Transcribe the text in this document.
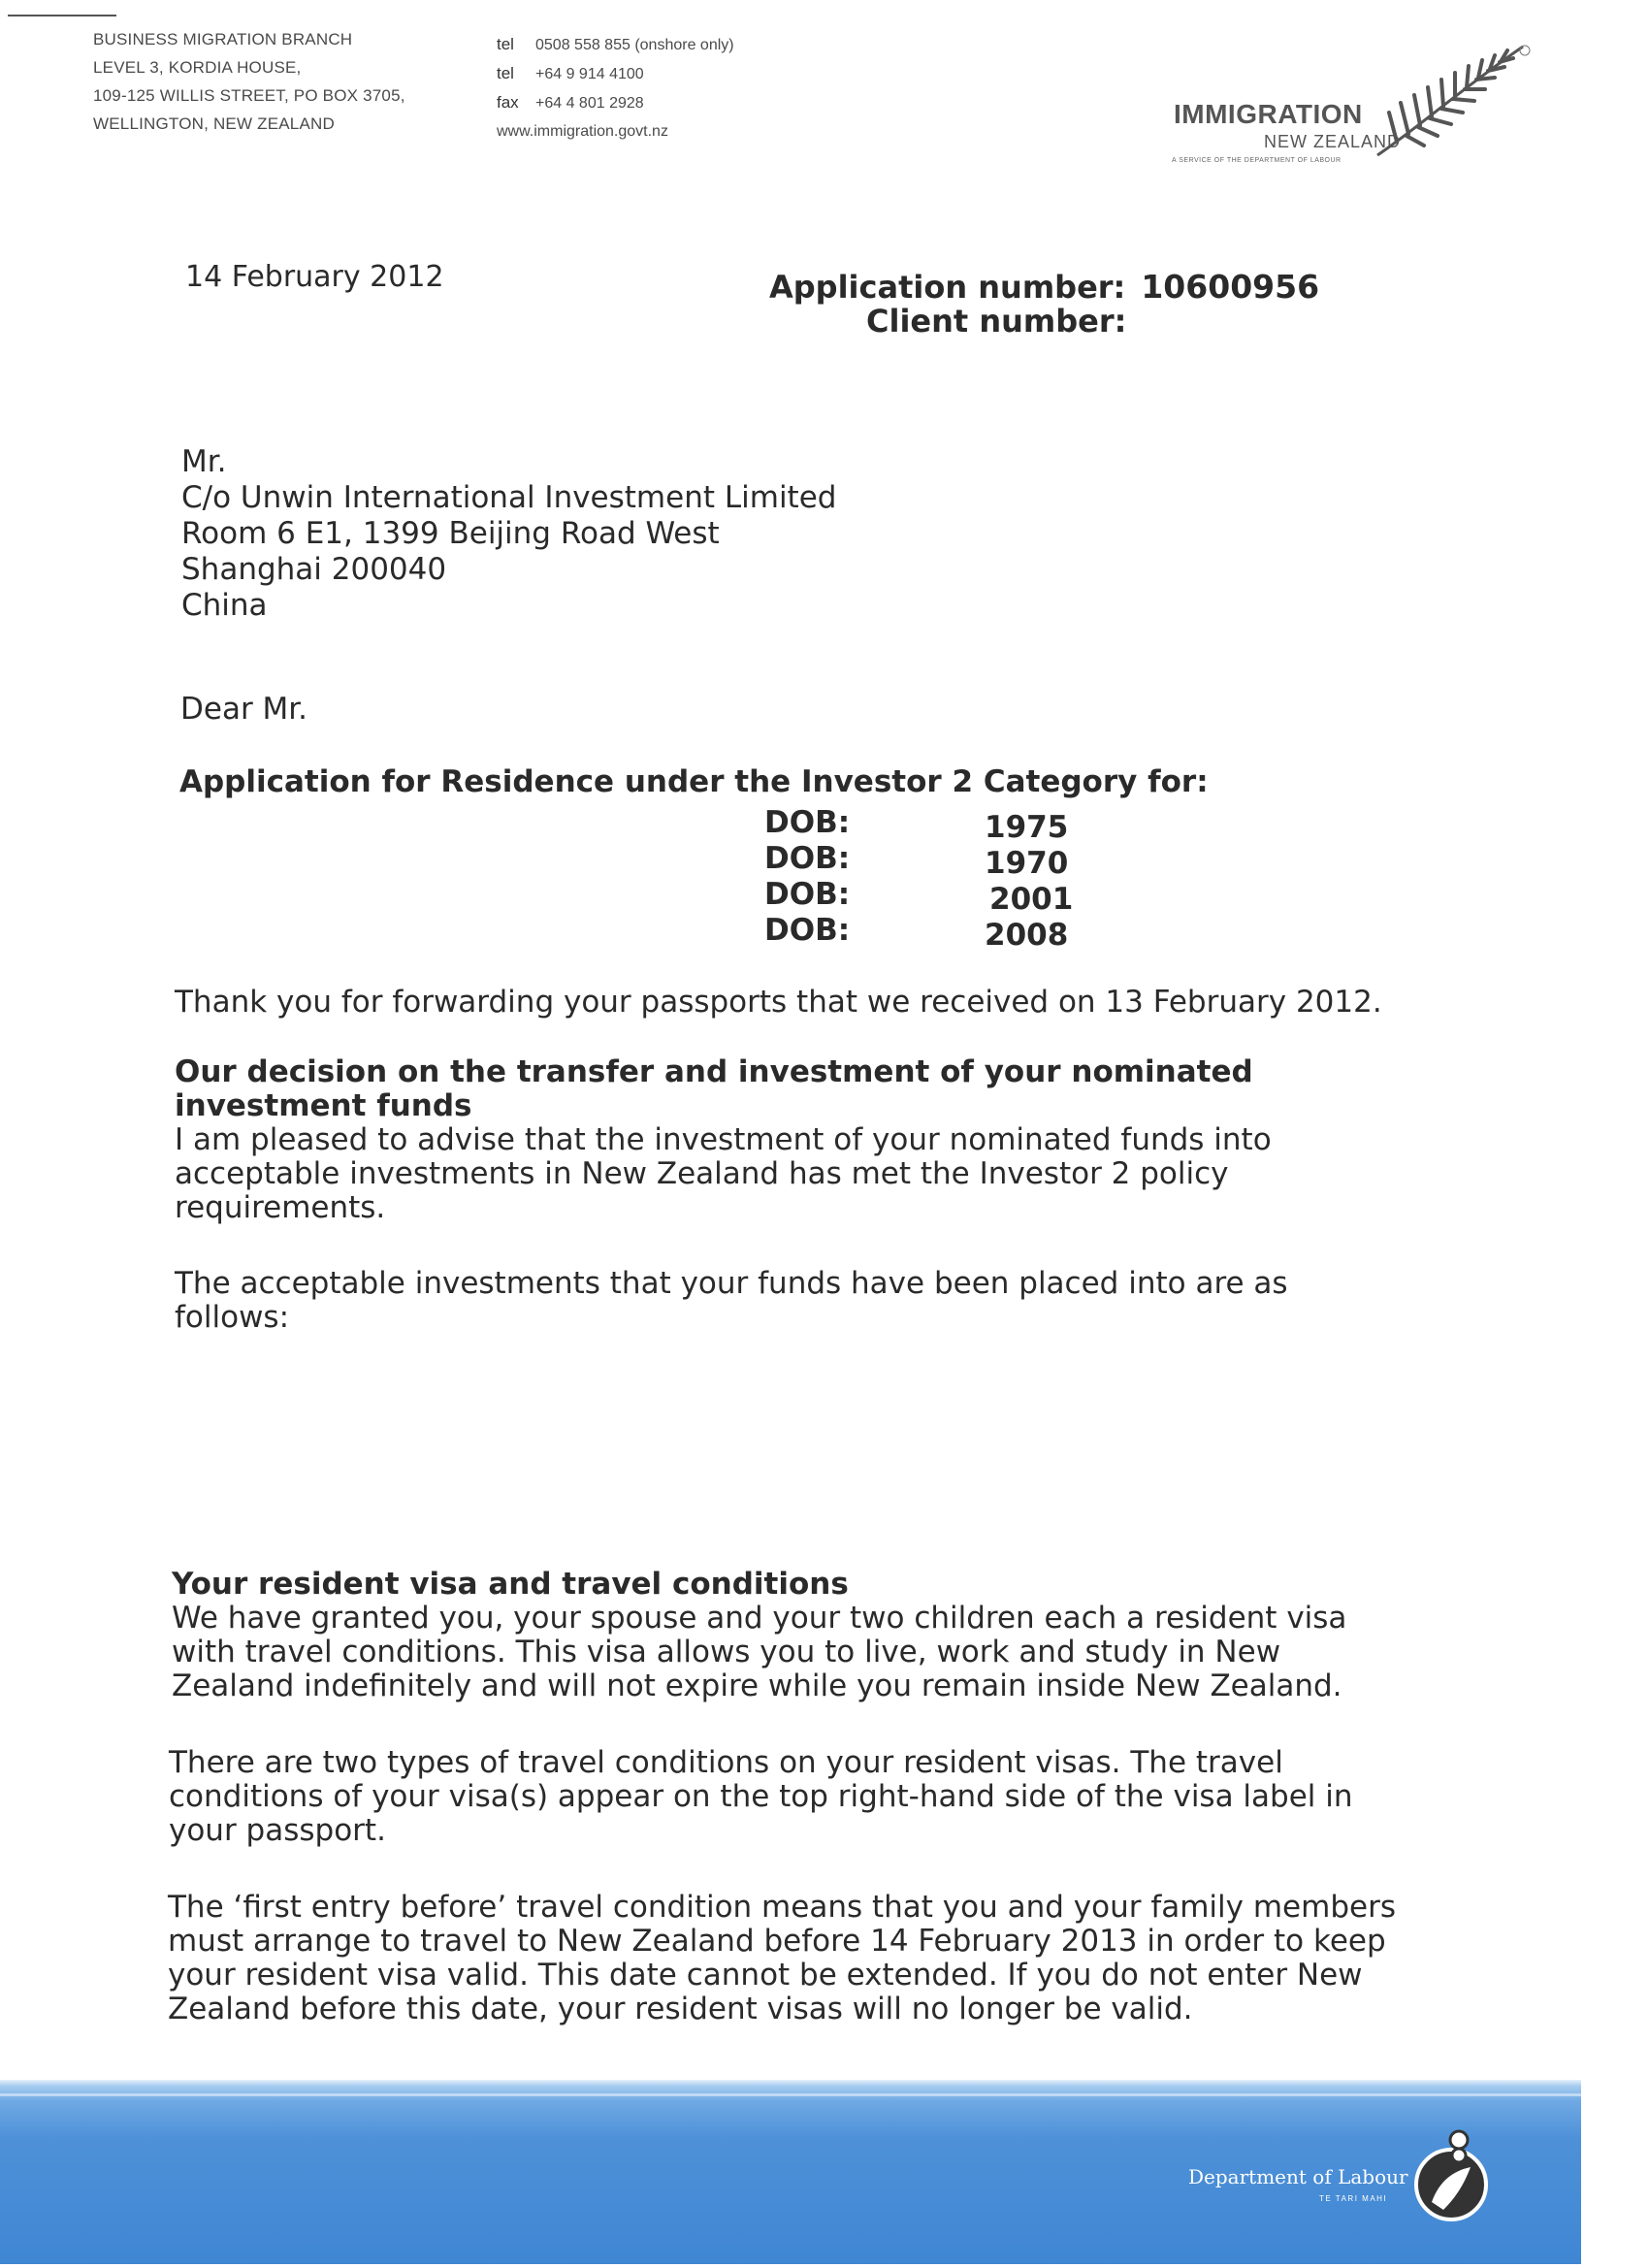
BUSINESS MIGRATION BRANCH
LEVEL 3, KORDIA HOUSE,
109-125 WILLIS STREET, PO BOX 3705,
WELLINGTON, NEW ZEALAND
tel 0508 558 855 (onshore only)
tel +64 9 914 4100
fax +64 4 801 2928
www.immigration.govt.nz
IMMIGRATION
NEW ZEALAND
A SERVICE OF THE DEPARTMENT OF LABOUR
14 February 2012	Application number: 10600956
Client number:
Mr.
C/o Unwin International Investment Limited
Room 6 E1, 1399 Beijing Road West
Shanghai 200040
China
Dear Mr.
Application for Residence under the Investor 2 Category for:
DOB:
DOB:
DOB:
DOB:
1975
1970
2001
2008
Thank you for forwarding your passports that we received on 13 February 2012.
Our decision on the transfer and investment of your nominated
investment funds
I am pleased to advise that the investment of your nominated funds into
acceptable investments in New Zealand has met the Investor 2 policy
requirements.
The acceptable investments that your funds have been placed into are as
follows:
Your resident visa and travel conditions
We have granted you, your spouse and your two children each a resident visa
with travel conditions. This visa allows you to live, work and study in New
Zealand indefinitely and will not expire while you remain inside New Zealand.
There are two types of travel conditions on your resident visas. The travel
conditions of your visa(s) appear on the top right-hand side of the visa label in
your passport.
The ‘first entry before’ travel condition means that you and your family members
must arrange to travel to New Zealand before 14 February 2013 in order to keep
your resident visa valid. This date cannot be extended. If you do not enter New
Zealand before this date, your resident visas will no longer be valid.
Department of Labour
TE TARI MAHI
